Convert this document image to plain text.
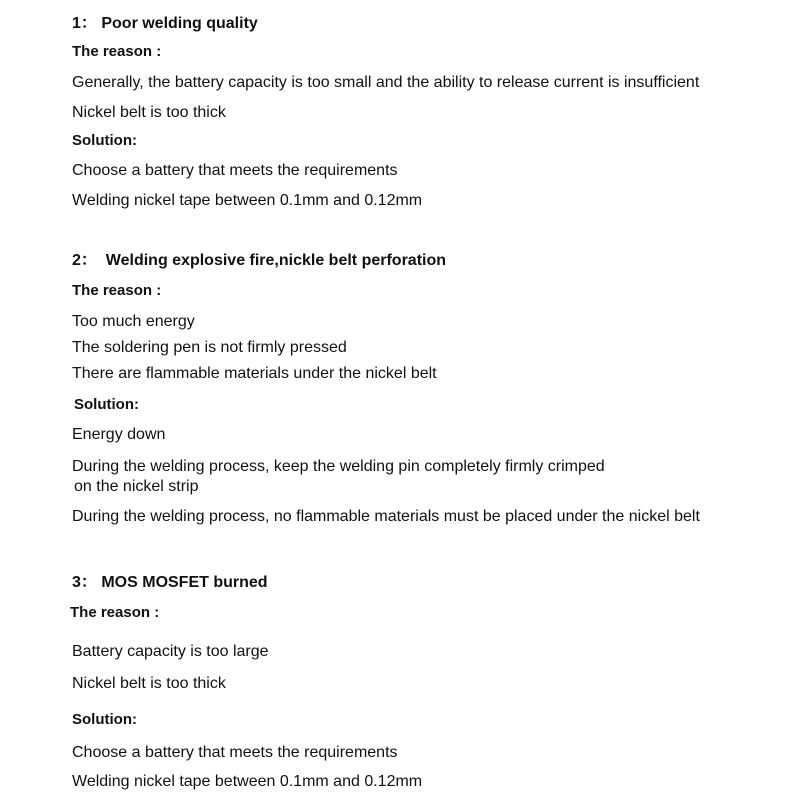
1： Poor welding quality
The reason :
Generally, the battery capacity is too small and the ability to release current is insufficient
Nickel belt is too thick
Solution:
Choose a battery that meets the requirements
Welding nickel tape between 0.1mm and 0.12mm
2：  Welding explosive fire,nickle belt perforation
The reason :
Too much energy
The soldering pen is not firmly pressed
There are flammable materials under the nickel belt
Solution:
Energy down
During the welding process, keep the welding pin completely firmly crimped
on the nickel strip
During the welding process, no flammable materials must be placed under the nickel belt
3： MOS MOSFET burned
The reason :
Battery capacity is too large
Nickel belt is too thick
Solution:
Choose a battery that meets the requirements
Welding nickel tape between 0.1mm and 0.12mm
